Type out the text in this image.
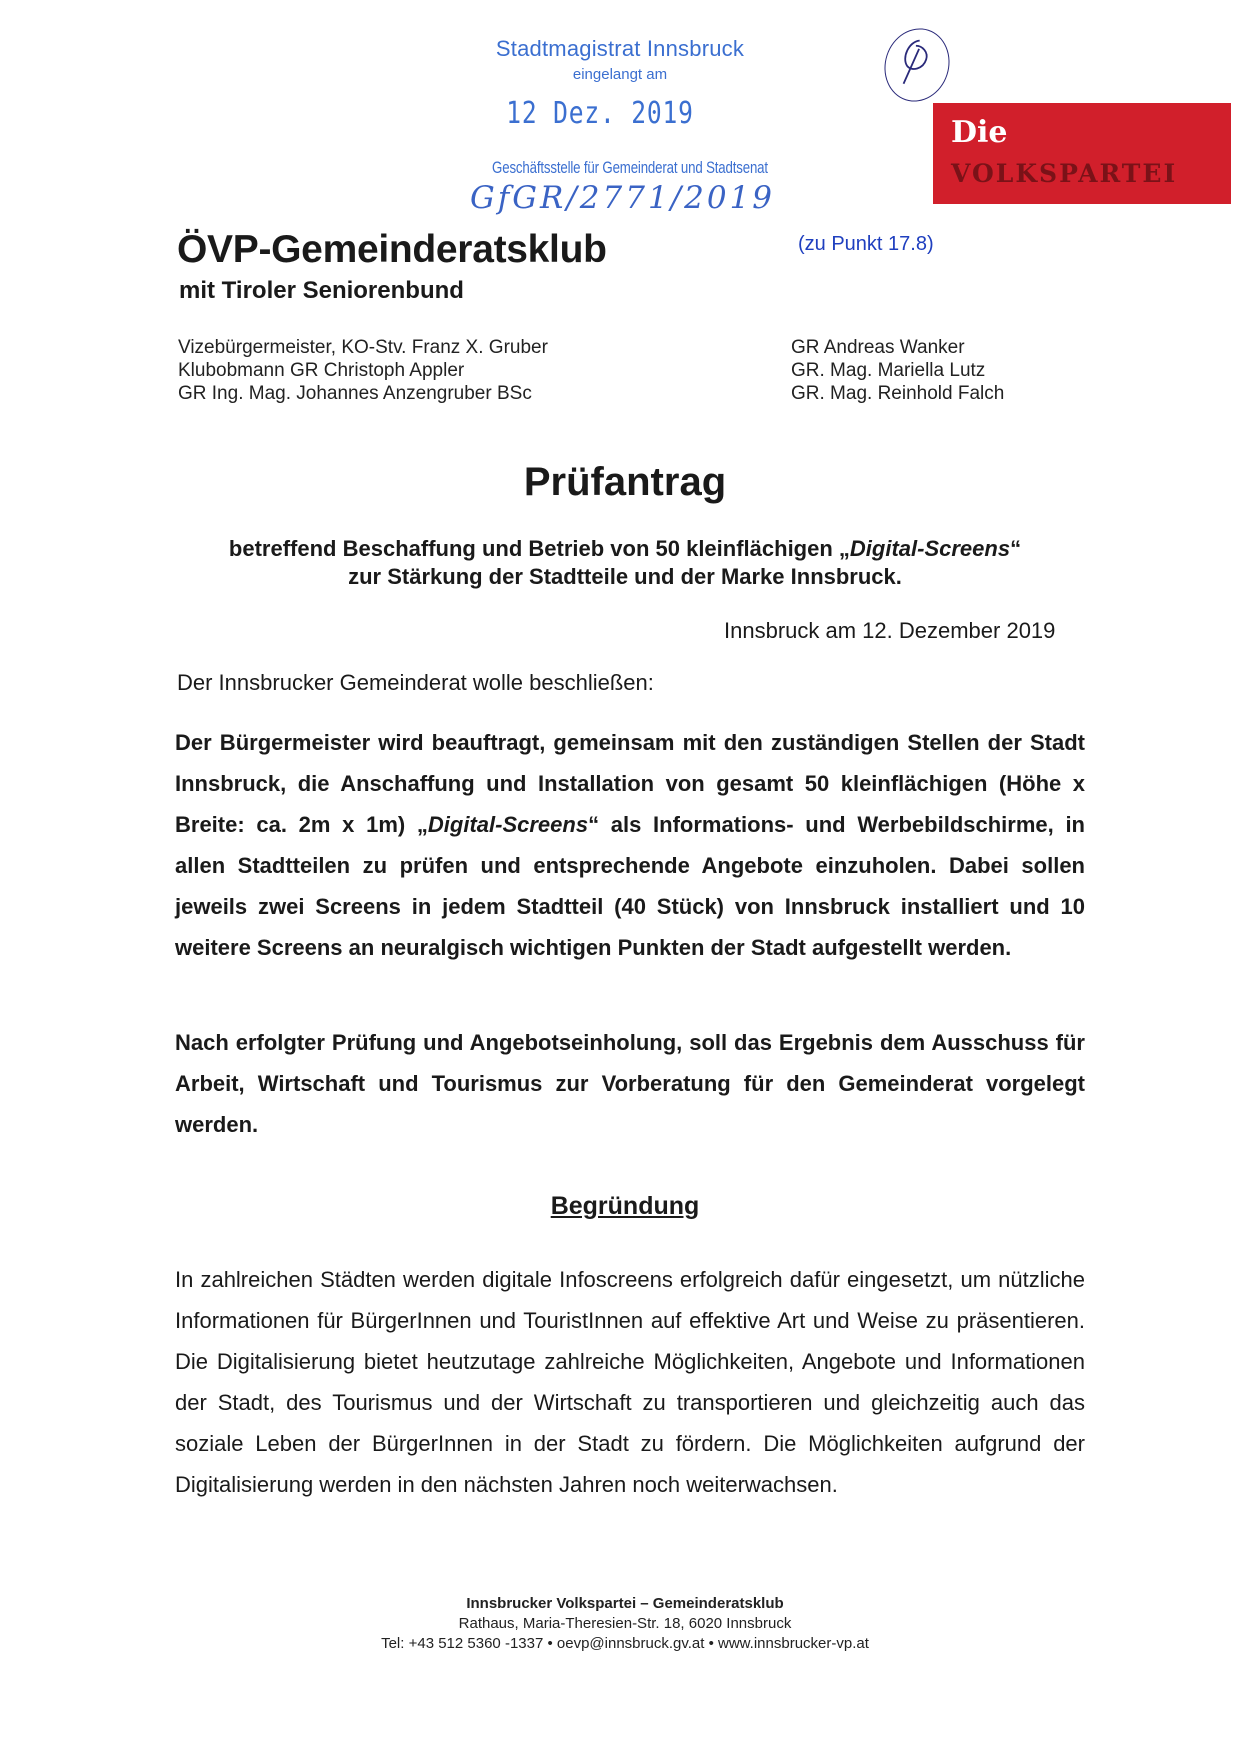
Stadtmagistrat Innsbruck
eingelangt am
12 Dez. 2019
Geschäftsstelle für Gemeinderat und Stadtsenat
GfGR/2771/2019
Die
VOLKSPARTEI
(zu Punkt 17.8)
ÖVP-Gemeinderatsklub
mit Tiroler Seniorenbund
Vizebürgermeister, KO-Stv. Franz X. Gruber
Klubobmann GR Christoph Appler
GR Ing. Mag. Johannes Anzengruber BSc
GR Andreas Wanker
GR. Mag. Mariella Lutz
GR. Mag. Reinhold Falch
Prüfantrag
betreffend Beschaffung und Betrieb von 50 kleinflächigen „Digital-Screens“
zur Stärkung der Stadtteile und der Marke Innsbruck.
Innsbruck am 12. Dezember 2019
Der Innsbrucker Gemeinderat wolle beschließen:
Der Bürgermeister wird beauftragt, gemeinsam mit den zuständigen Stellen der Stadt Innsbruck, die Anschaffung und Installation von gesamt 50 kleinflächigen (Höhe x Breite: ca. 2m x 1m) „Digital-Screens“ als Informations- und Werbebildschirme, in allen Stadtteilen zu prüfen und entsprechende Angebote einzuholen. Dabei sollen jeweils zwei Screens in jedem Stadtteil (40 Stück) von Innsbruck installiert und 10 weitere Screens an neuralgisch wichtigen Punkten der Stadt aufgestellt werden.
Nach erfolgter Prüfung und Angebotseinholung, soll das Ergebnis dem Ausschuss für Arbeit, Wirtschaft und Tourismus zur Vorberatung für den Gemeinderat vorgelegt werden.
Begründung
In zahlreichen Städten werden digitale Infoscreens erfolgreich dafür eingesetzt, um nützliche Informationen für BürgerInnen und TouristInnen auf effektive Art und Weise zu präsentieren. Die Digitalisierung bietet heutzutage zahlreiche Möglichkeiten, Angebote und Informationen der Stadt, des Tourismus und der Wirtschaft zu transportieren und gleichzeitig auch das soziale Leben der BürgerInnen in der Stadt zu fördern. Die Möglichkeiten aufgrund der Digitalisierung werden in den nächsten Jahren noch weiterwachsen.
Innsbrucker Volkspartei – Gemeinderatsklub
Rathaus, Maria-Theresien-Str. 18, 6020 Innsbruck
Tel: +43 512 5360 -1337 • oevp@innsbruck.gv.at • www.innsbrucker-vp.at
